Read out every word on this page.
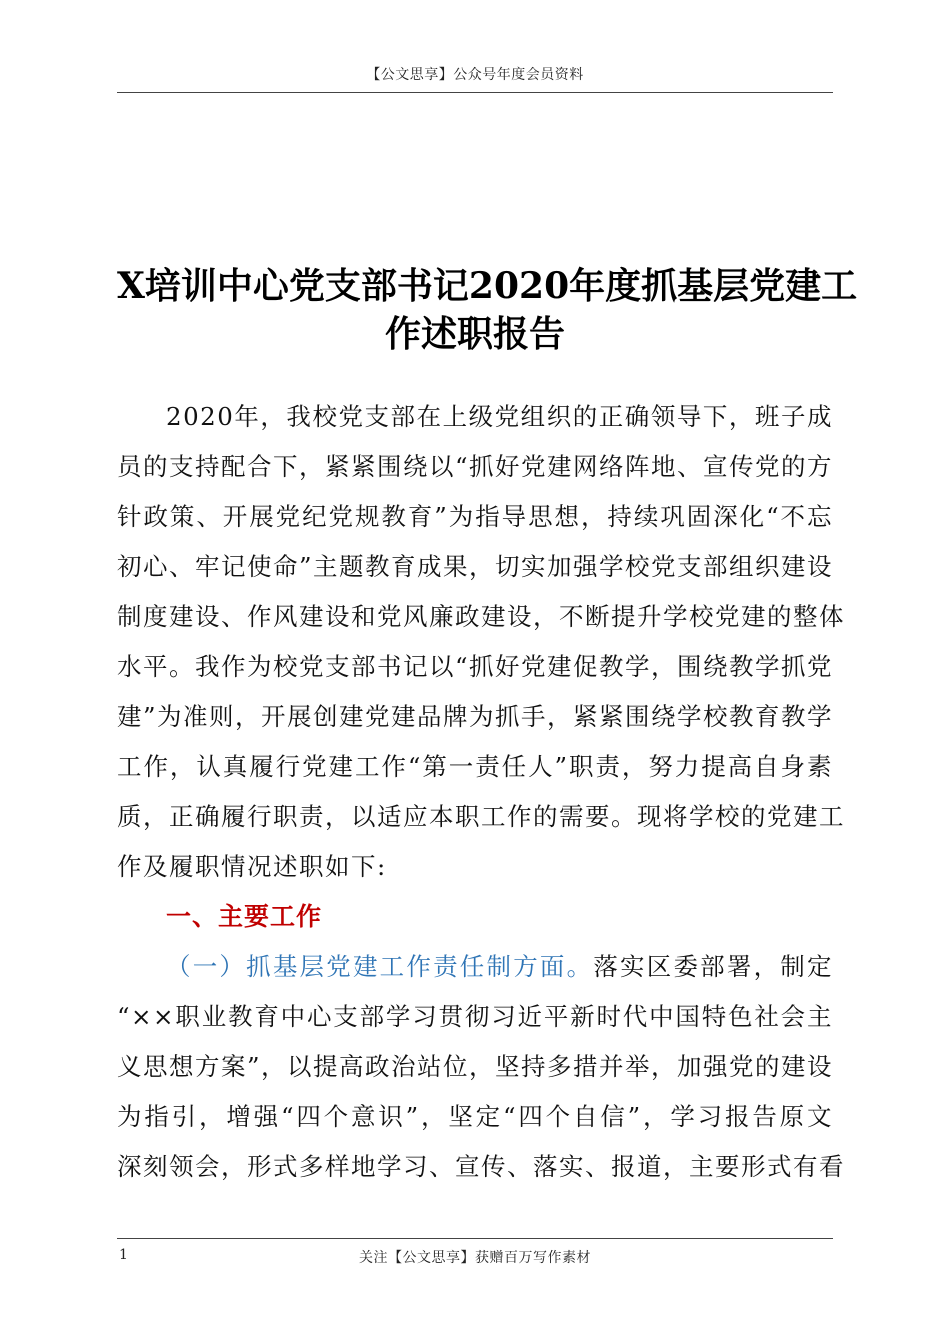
【公文思享】公众号年度会员资料
X培训中心党支部书记2020年度抓基层党建工
作述职报告
2020年，我校党支部在上级党组织的正确领导下，班子成
员的支持配合下，紧紧围绕以“抓好党建网络阵地、宣传党的方
针政策、开展党纪党规教育”为指导思想，持续巩固深化“不忘
初心、牢记使命”主题教育成果，切实加强学校党支部组织建设
制度建设、作风建设和党风廉政建设，不断提升学校党建的整体
水平。我作为校党支部书记以“抓好党建促教学，围绕教学抓党
建”为准则，开展创建党建品牌为抓手，紧紧围绕学校教育教学
工作，认真履行党建工作“第一责任人”职责，努力提高自身素
质，正确履行职责，以适应本职工作的需要。现将学校的党建工
作及履职情况述职如下:

一、主要工作

（一）抓基层党建工作责任制方面。落实区委部署，制定
“××职业教育中心支部学习贯彻习近平新时代中国特色社会主
义思想方案”，以提高政治站位，坚持多措并举，加强党的建设
为指引，增强“四个意识”，坚定“四个自信”，学习报告原文
深刻领会，形式多样地学习、宣传、落实、报道，主要形式有看
1	关注【公文思享】获赠百万写作素材
